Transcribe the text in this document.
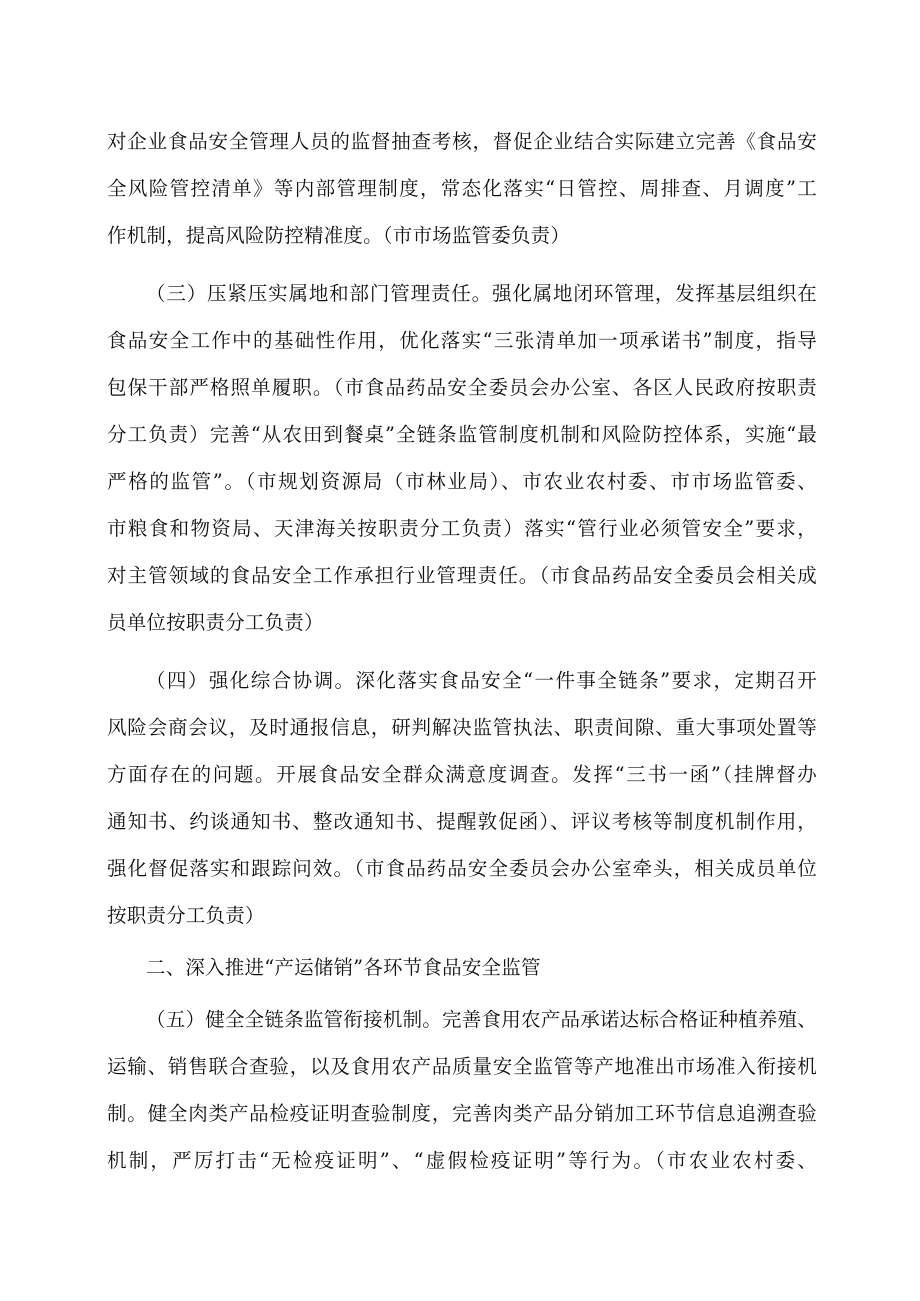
对企业食品安全管理人员的监督抽查考核，督促企业结合实际建立完善《食品安
全风险管控清单》等内部管理制度，常态化落实“日管控、周排查、月调度”工
作机制，提高风险防控精准度。（市市场监管委负责）
（三）压紧压实属地和部门管理责任。强化属地闭环管理，发挥基层组织在
食品安全工作中的基础性作用，优化落实“三张清单加一项承诺书”制度，指导
包保干部严格照单履职。（市食品药品安全委员会办公室、各区人民政府按职责
分工负责）完善“从农田到餐桌”全链条监管制度机制和风险防控体系，实施“最
严格的监管”。（市规划资源局（市林业局）、市农业农村委、市市场监管委、
市粮食和物资局、天津海关按职责分工负责）落实“管行业必须管安全”要求，
对主管领域的食品安全工作承担行业管理责任。（市食品药品安全委员会相关成
员单位按职责分工负责）
（四）强化综合协调。深化落实食品安全“一件事全链条”要求，定期召开
风险会商会议，及时通报信息，研判解决监管执法、职责间隙、重大事项处置等
方面存在的问题。开展食品安全群众满意度调查。发挥“三书一函”（挂牌督办
通知书、约谈通知书、整改通知书、提醒敦促函）、评议考核等制度机制作用，
强化督促落实和跟踪问效。（市食品药品安全委员会办公室牵头，相关成员单位
按职责分工负责）
二、深入推进“产运储销”各环节食品安全监管
（五）健全全链条监管衔接机制。完善食用农产品承诺达标合格证种植养殖、
运输、销售联合查验，以及食用农产品质量安全监管等产地准出市场准入衔接机
制。健全肉类产品检疫证明查验制度，完善肉类产品分销加工环节信息追溯查验
机制，严厉打击“无检疫证明”、“虚假检疫证明”等行为。（市农业农村委、
